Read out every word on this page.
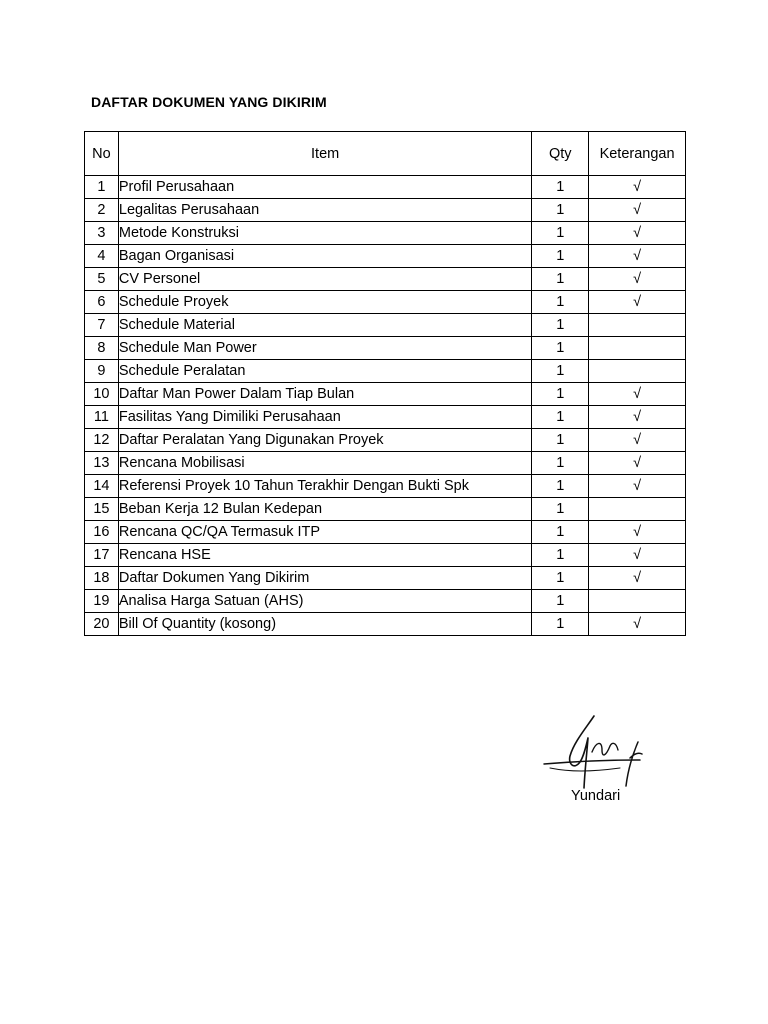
DAFTAR DOKUMEN YANG DIKIRIM
No	Item	Qty	Keterangan
1	Profil Perusahaan	1	√
2	Legalitas Perusahaan	1	√
3	Metode Konstruksi	1	√
4	Bagan Organisasi	1	√
5	CV Personel	1	√
6	Schedule Proyek	1	√
7	Schedule Material	1	
8	Schedule Man Power	1	
9	Schedule Peralatan	1	
10	Daftar Man Power Dalam Tiap Bulan	1	√
11	Fasilitas Yang Dimiliki Perusahaan	1	√
12	Daftar Peralatan Yang Digunakan Proyek	1	√
13	Rencana Mobilisasi	1	√
14	Referensi Proyek 10 Tahun Terakhir Dengan Bukti Spk	1	√
15	Beban Kerja 12 Bulan Kedepan	1	
16	Rencana QC/QA Termasuk ITP	1	√
17	Rencana HSE	1	√
18	Daftar Dokumen Yang Dikirim	1	√
19	Analisa Harga Satuan (AHS)	1	
20	Bill Of Quantity (kosong)	1	√
Yundari
